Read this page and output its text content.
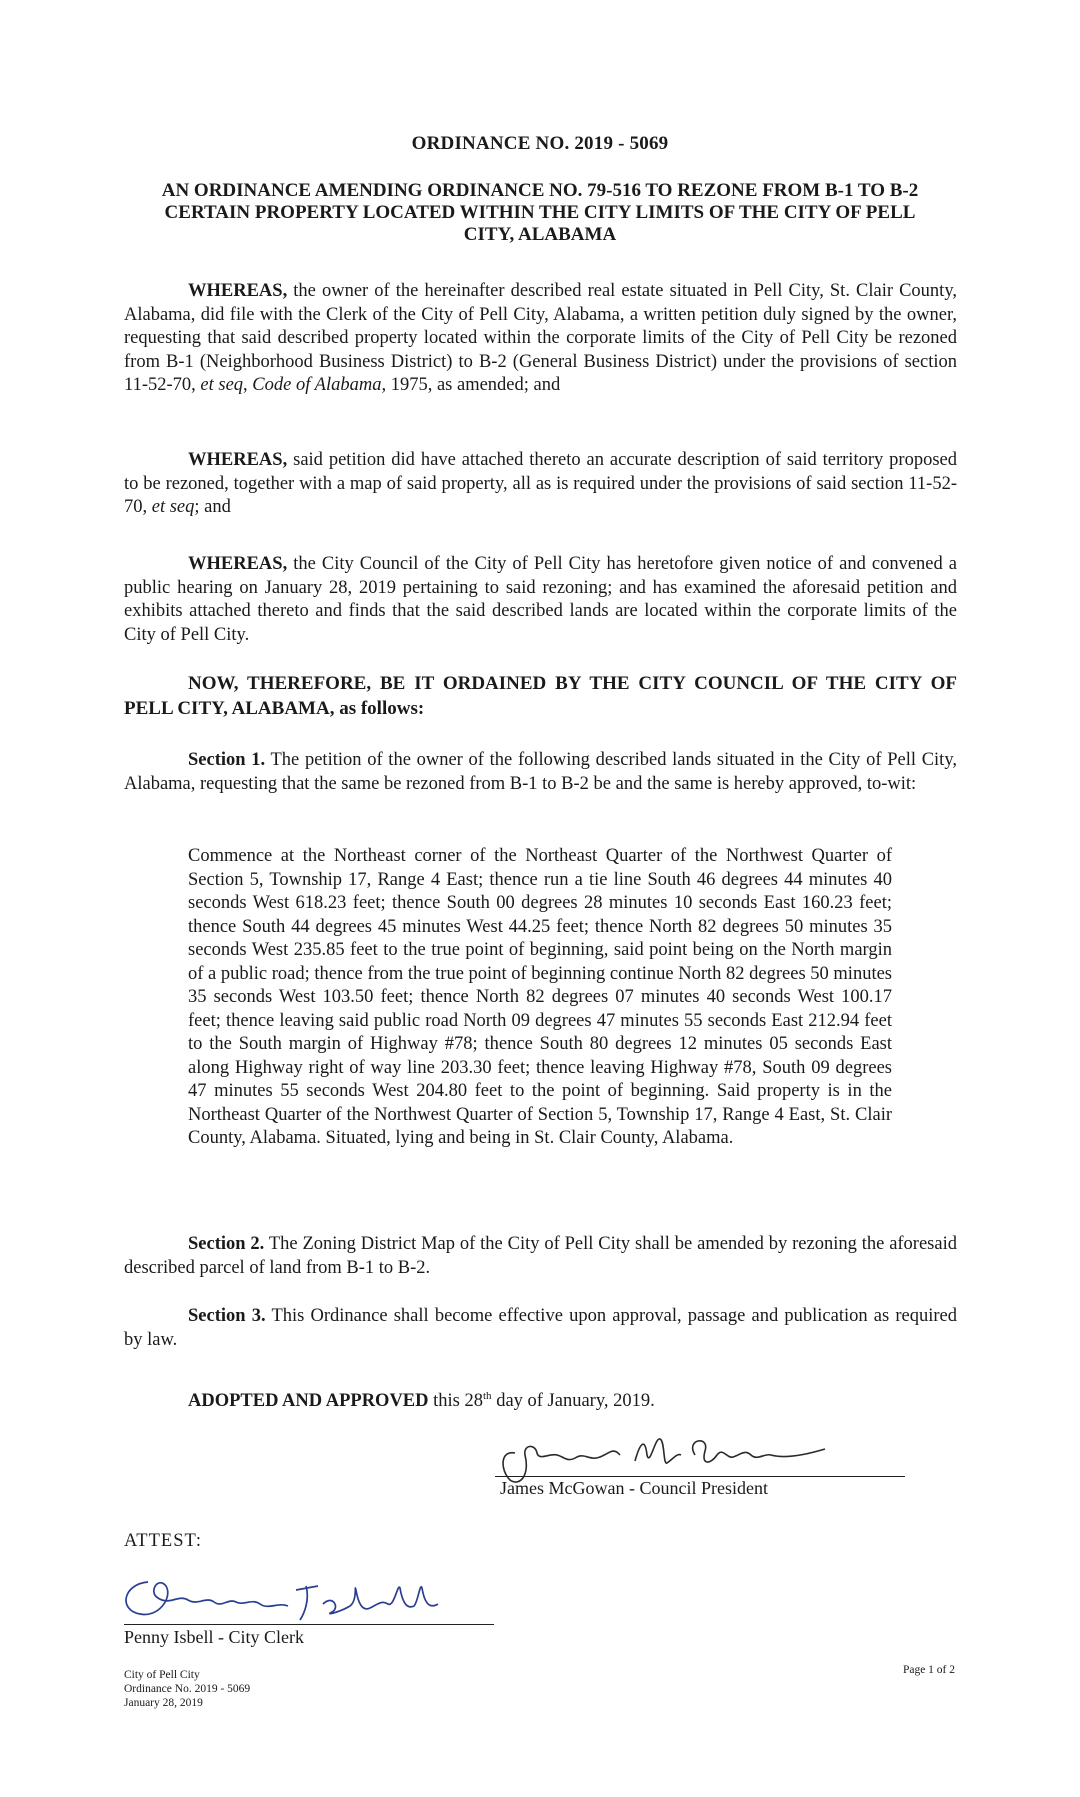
ORDINANCE NO. 2019 - 5069
AN ORDINANCE AMENDING ORDINANCE NO. 79-516 TO REZONE FROM B-1 TO B-2 CERTAIN PROPERTY LOCATED WITHIN THE CITY LIMITS OF THE CITY OF PELL CITY, ALABAMA
WHEREAS, the owner of the hereinafter described real estate situated in Pell City, St. Clair County, Alabama, did file with the Clerk of the City of Pell City, Alabama, a written petition duly signed by the owner, requesting that said described property located within the corporate limits of the City of Pell City be rezoned from B-1 (Neighborhood Business District) to B-2 (General Business District) under the provisions of section 11-52-70, et seq, Code of Alabama, 1975, as amended; and
WHEREAS, said petition did have attached thereto an accurate description of said territory proposed to be rezoned, together with a map of said property, all as is required under the provisions of said section 11-52-70, et seq; and
WHEREAS, the City Council of the City of Pell City has heretofore given notice of and convened a public hearing on January 28, 2019 pertaining to said rezoning; and has examined the aforesaid petition and exhibits attached thereto and finds that the said described lands are located within the corporate limits of the City of Pell City.
NOW, THEREFORE, BE IT ORDAINED BY THE CITY COUNCIL OF THE CITY OF PELL CITY, ALABAMA, as follows:
Section 1. The petition of the owner of the following described lands situated in the City of Pell City, Alabama, requesting that the same be rezoned from B-1 to B-2 be and the same is hereby approved, to-wit:
Commence at the Northeast corner of the Northeast Quarter of the Northwest Quarter of Section 5, Township 17, Range 4 East; thence run a tie line South 46 degrees 44 minutes 40 seconds West 618.23 feet; thence South 00 degrees 28 minutes 10 seconds East 160.23 feet; thence South 44 degrees 45 minutes West 44.25 feet; thence North 82 degrees 50 minutes 35 seconds West 235.85 feet to the true point of beginning, said point being on the North margin of a public road; thence from the true point of beginning continue North 82 degrees 50 minutes 35 seconds West 103.50 feet; thence North 82 degrees 07 minutes 40 seconds West 100.17 feet; thence leaving said public road North 09 degrees 47 minutes 55 seconds East 212.94 feet to the South margin of Highway #78; thence South 80 degrees 12 minutes 05 seconds East along Highway right of way line 203.30 feet; thence leaving Highway #78, South 09 degrees 47 minutes 55 seconds West 204.80 feet to the point of beginning. Said property is in the Northeast Quarter of the Northwest Quarter of Section 5, Township 17, Range 4 East, St. Clair County, Alabama. Situated, lying and being in St. Clair County, Alabama.
Section 2. The Zoning District Map of the City of Pell City shall be amended by rezoning the aforesaid described parcel of land from B-1 to B-2.
Section 3. This Ordinance shall become effective upon approval, passage and publication as required by law.
ADOPTED AND APPROVED this 28th day of January, 2019.
James McGowan - Council President
ATTEST:
Penny Isbell - City Clerk
City of Pell City
Ordinance No. 2019 - 5069
January 28, 2019
Page 1 of 2
